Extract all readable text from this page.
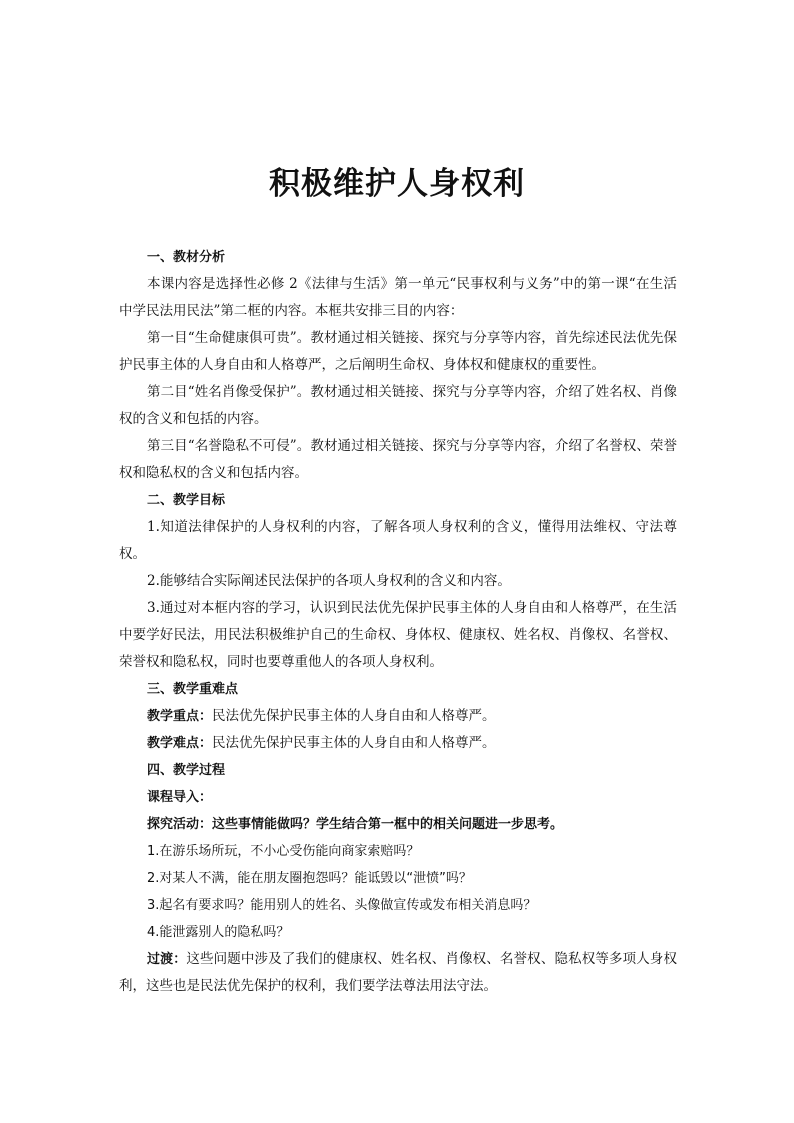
积极维护人身权利

一、教材分析

本课内容是选择性必修 2《法律与生活》第一单元“民事权利与义务”中的第一课“在生活中学民法用民法”第二框的内容。本框共安排三目的内容：

第一目“生命健康俱可贵”。教材通过相关链接、探究与分享等内容，首先综述民法优先保护民事主体的人身自由和人格尊严，之后阐明生命权、身体权和健康权的重要性。

第二目“姓名肖像受保护”。教材通过相关链接、探究与分享等内容，介绍了姓名权、肖像权的含义和包括的内容。

第三目“名誉隐私不可侵”。教材通过相关链接、探究与分享等内容，介绍了名誉权、荣誉权和隐私权的含义和包括内容。

二、教学目标

1.知道法律保护的人身权利的内容，了解各项人身权利的含义，懂得用法维权、守法尊权。

2.能够结合实际阐述民法保护的各项人身权利的含义和内容。

3.通过对本框内容的学习，认识到民法优先保护民事主体的人身自由和人格尊严，在生活中要学好民法，用民法积极维护自己的生命权、身体权、健康权、姓名权、肖像权、名誉权、荣誉权和隐私权，同时也要尊重他人的各项人身权利。

三、教学重难点

教学重点：民法优先保护民事主体的人身自由和人格尊严。

教学难点：民法优先保护民事主体的人身自由和人格尊严。

四、教学过程

课程导入：

探究活动：这些事情能做吗？学生结合第一框中的相关问题进一步思考。

1.在游乐场所玩，不小心受伤能向商家索赔吗？

2.对某人不满，能在朋友圈抱怨吗？能诋毁以“泄愤”吗？

3.起名有要求吗？能用别人的姓名、头像做宣传或发布相关消息吗？

4.能泄露别人的隐私吗？

过渡：这些问题中涉及了我们的健康权、姓名权、肖像权、名誉权、隐私权等多项人身权利，这些也是民法优先保护的权利，我们要学法尊法用法守法。
